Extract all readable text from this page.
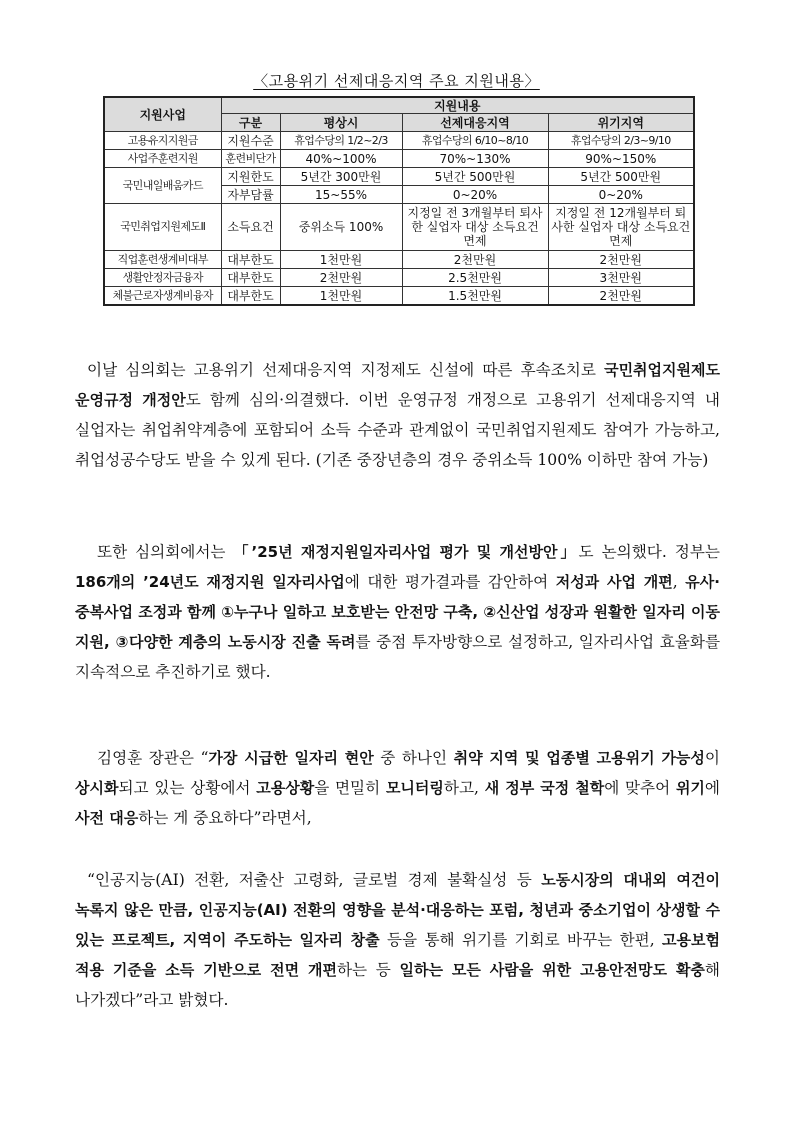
〈고용위기 선제대응지역 주요 지원내용〉
지원사업	지원내용			
	구분	평상시	선제대응지역	위기지역
고용유지지원금	지원수준	휴업수당의 1/2~2/3	휴업수당의 6/10~8/10	휴업수당의 2/3~9/10
사업주훈련지원	훈련비단가	40%~100%	70%~130%	90%~150%
국민내일배움카드	지원한도	5년간 300만원	5년간 500만원	5년간 500만원
	자부담률	15~55%	0~20%	0~20%
국민취업지원제도Ⅱ	소득요건	중위소득 100%	지정일 전 3개월부터 퇴사한 실업자 대상 소득요건 면제	지정일 전 12개월부터 퇴사한 실업자 대상 소득요건 면제
직업훈련생계비대부	대부한도	1천만원	2천만원	2천만원
생활안정자금융자	대부한도	2천만원	2.5천만원	3천만원
체불근로자생계비융자	대부한도	1천만원	1.5천만원	2천만원

이날 심의회는 고용위기 선제대응지역 지정제도 신설에 따른 후속조치로 국민취업지원제도 운영규정 개정안도 함께 심의·의결했다. 이번 운영규정 개정으로 고용위기 선제대응지역 내 실업자는 취업취약계층에 포함되어 소득 수준과 관계없이 국민취업지원제도 참여가 가능하고, 취업성공수당도 받을 수 있게 된다. (기존 중장년층의 경우 중위소득 100% 이하만 참여 가능)

또한 심의회에서는 「’25년 재정지원일자리사업 평가 및 개선방안」도 논의했다. 정부는 186개의 ’24년도 재정지원 일자리사업에 대한 평가결과를 감안하여 저성과 사업 개편, 유사·중복사업 조정과 함께 ①누구나 일하고 보호받는 안전망 구축, ②신산업 성장과 원활한 일자리 이동 지원, ③다양한 계층의 노동시장 진출 독려를 중점 투자방향으로 설정하고, 일자리사업 효율화를 지속적으로 추진하기로 했다.

김영훈 장관은 “가장 시급한 일자리 현안 중 하나인 취약 지역 및 업종별 고용위기 가능성이 상시화되고 있는 상황에서 고용상황을 면밀히 모니터링하고, 새 정부 국정 철학에 맞추어 위기에 사전 대응하는 게 중요하다”라면서,

“인공지능(AI) 전환, 저출산 고령화, 글로벌 경제 불확실성 등 노동시장의 대내외 여건이 녹록지 않은 만큼, 인공지능(AI) 전환의 영향을 분석·대응하는 포럼, 청년과 중소기업이 상생할 수 있는 프로젝트, 지역이 주도하는 일자리 창출 등을 통해 위기를 기회로 바꾸는 한편, 고용보험 적용 기준을 소득 기반으로 전면 개편하는 등 일하는 모든 사람을 위한 고용안전망도 확충해 나가겠다”라고 밝혔다.
